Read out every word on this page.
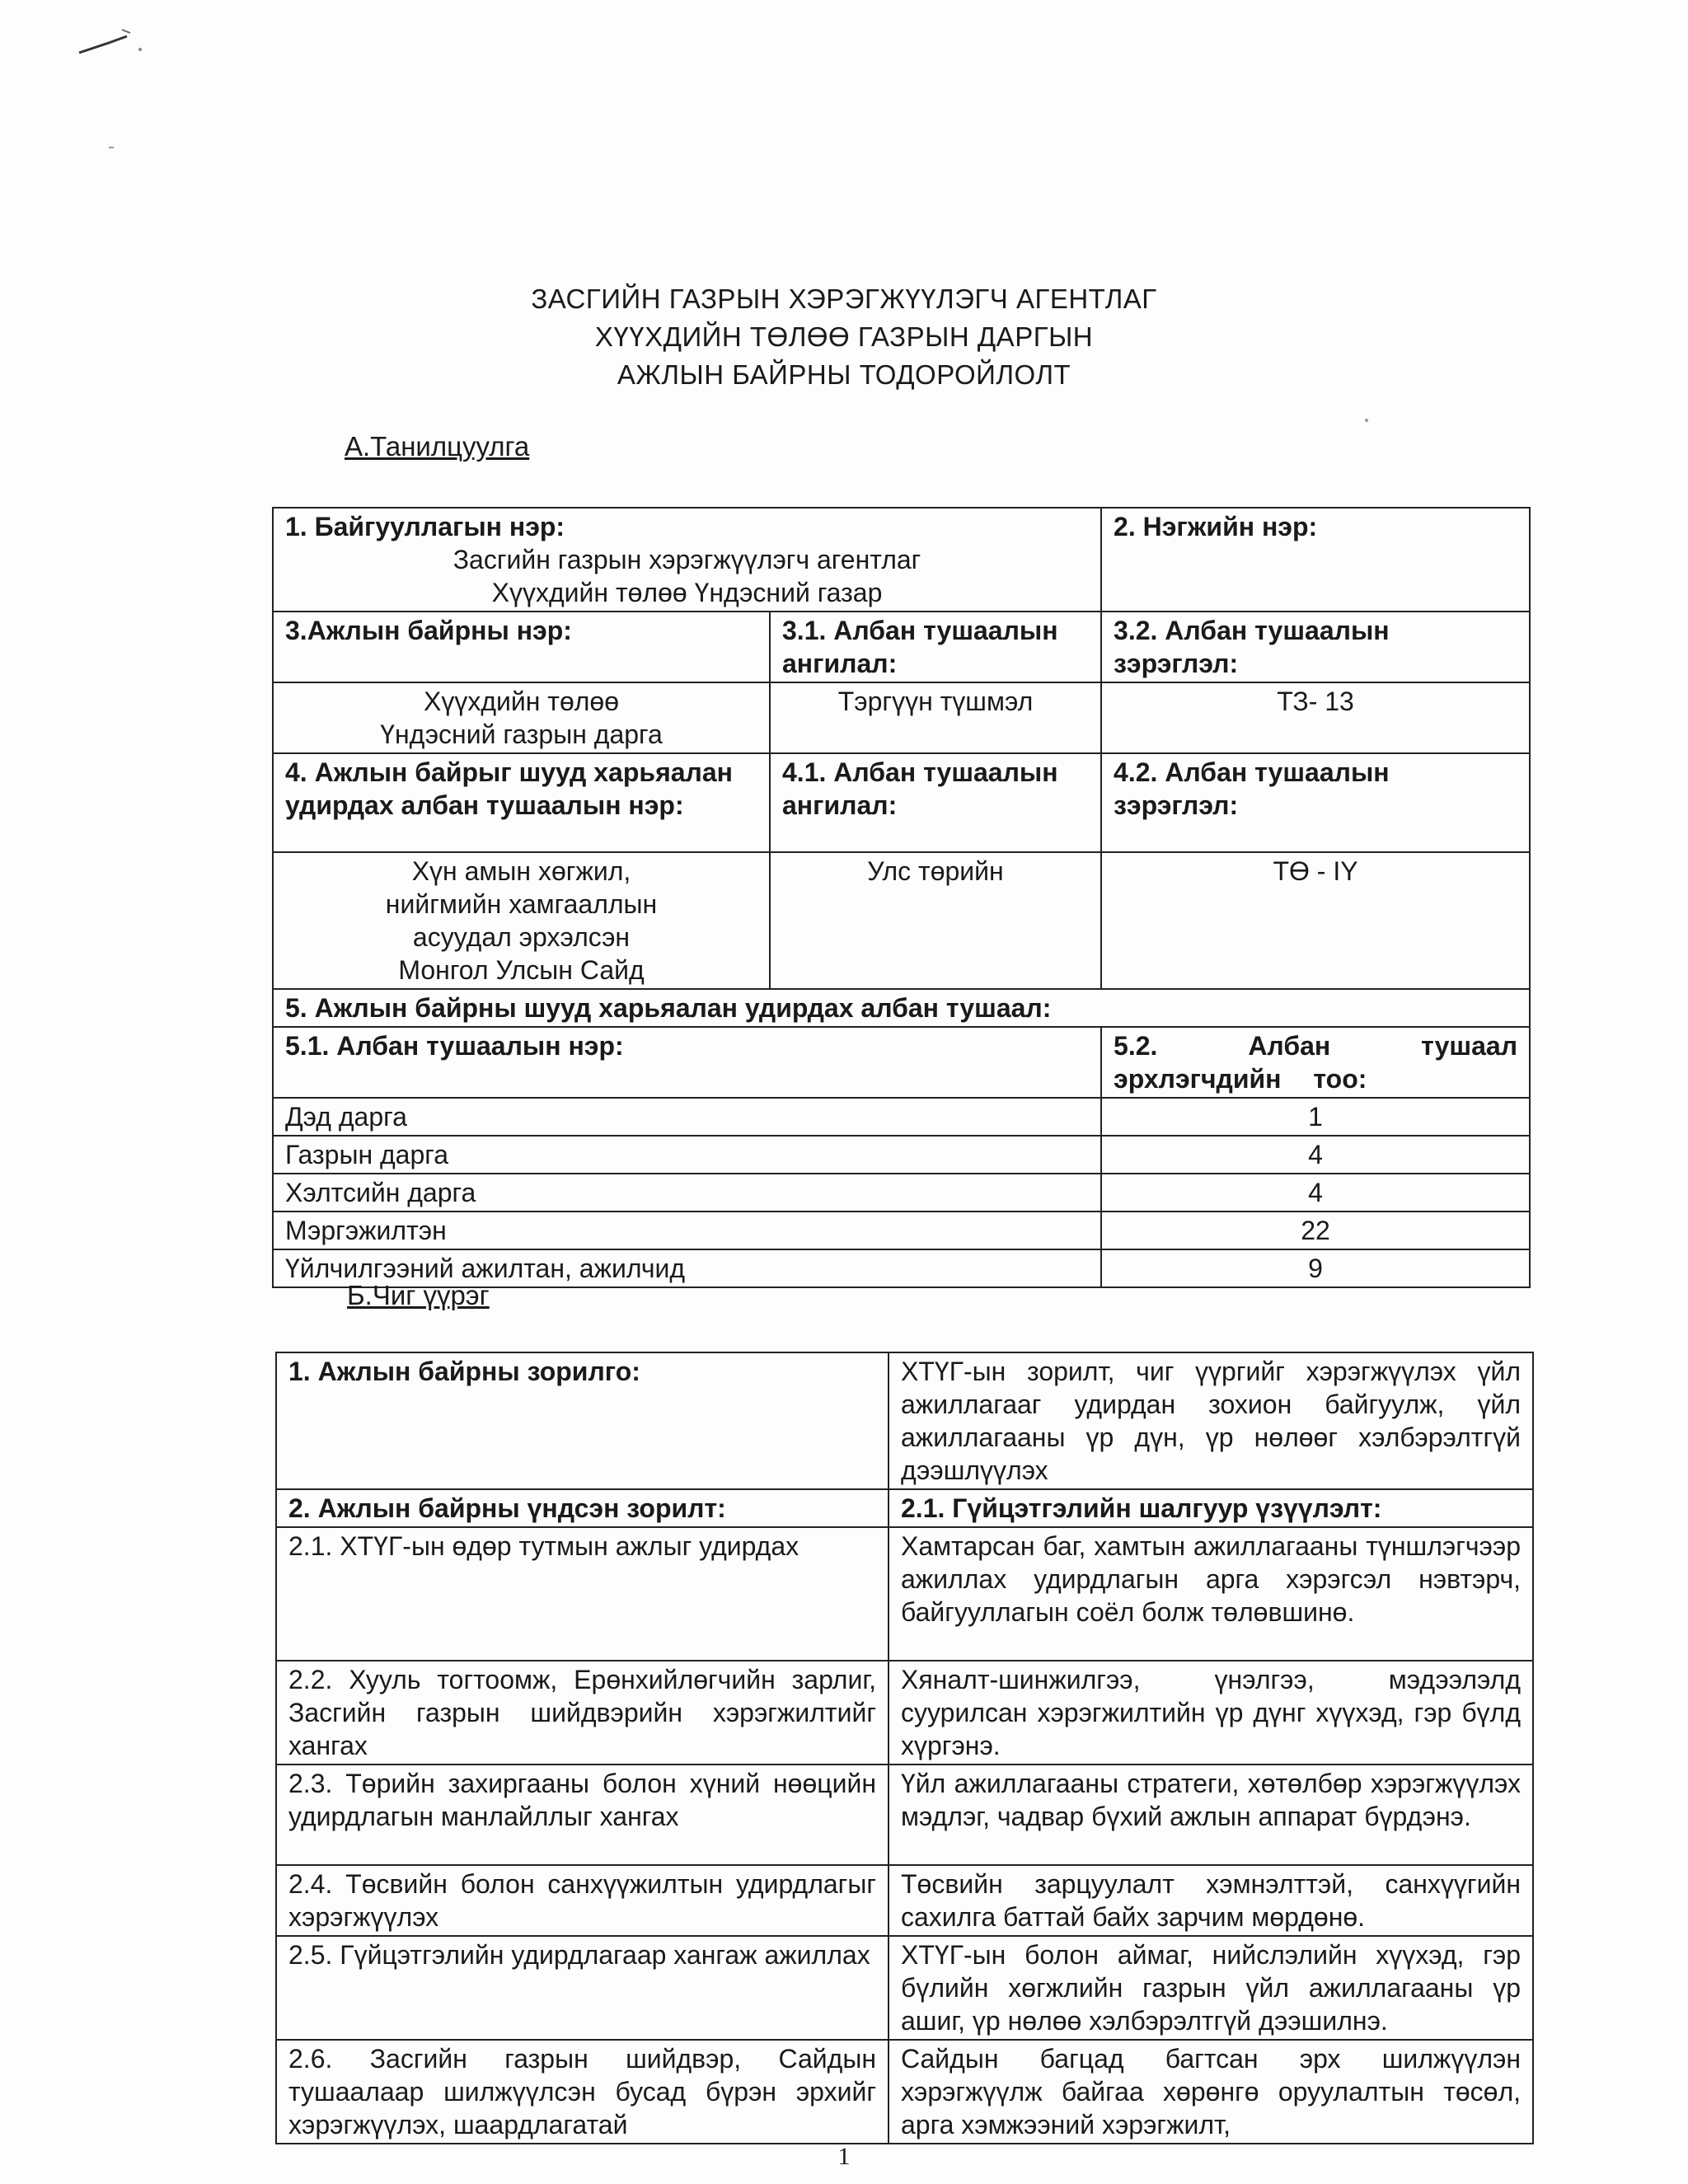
ЗАСГИЙН ГАЗРЫН ХЭРЭГЖҮҮЛЭГЧ АГЕНТЛАГ
ХҮҮХДИЙН ТӨЛӨӨ ГАЗРЫН ДАРГЫН
АЖЛЫН БАЙРНЫ ТОДОРОЙЛОЛТ
А.Танилцуулга
1. Байгууллагын нэр:
Засгийн газрын хэрэгжүүлэгч агентлаг
Хүүхдийн төлөө Үндэсний газар		2. Нэгжийн нэр:
3.Ажлын байрны нэр:	3.1. Албан тушаалын ангилал:	3.2. Албан тушаалын зэрэглэл:

Хүүхдийн төлөө
Үндэсний газрын дарга	Тэргүүн түшмэл	ТЗ- 13
4. Ажлын байрыг шууд харьяалан удирдах албан тушаалын нэр:	4.1. Албан тушаалын ангилал:	4.2. Албан тушаалын зэрэглэл:

Хүн амын хөгжил,
нийгмийн хамгааллын
асуудал эрхэлсэн
Монгол Улсын Сайд	Улс төрийн	ТӨ - IY
5. Ажлын байрны шууд харьяалан удирдах албан тушаал:		
5.1. Албан тушаалын нэр:		5.2. Албан тушаал эрхлэгчдийн тоо:
Дэд дарга		1
Газрын дарга		4
Хэлтсийн дарга		4
Мэргэжилтэн		22
Үйлчилгээний ажилтан, ажилчид		9
Б.Чиг үүрэг
1. Ажлын байрны зорилго:	ХТҮГ-ын зорилт, чиг үүргийг хэрэгжүүлэх үйл ажиллагааг удирдан зохион байгуулж, үйл ажиллагааны үр дүн, үр нөлөөг хэлбэрэлтгүй дээшлүүлэх
2. Ажлын байрны үндсэн зорилт:	2.1. Гүйцэтгэлийн шалгуур үзүүлэлт:
2.1. ХТҮГ-ын өдөр тутмын ажлыг удирдах	Хамтарсан баг, хамтын ажиллагааны түншлэгчээр ажиллах удирдлагын арга хэрэгсэл нэвтэрч, байгууллагын соёл болж төлөвшинө.
2.2. Хууль тогтоомж, Ерөнхийлөгчийн зарлиг, Засгийн газрын шийдвэрийн хэрэгжилтийг хангах	Хяналт-шинжилгээ, үнэлгээ, мэдээлэлд суурилсан хэрэгжилтийн үр дүнг хүүхэд, гэр бүлд хүргэнэ.
2.3. Төрийн захиргааны болон хүний нөөцийн удирдлагын манлайллыг хангах	Үйл ажиллагааны стратеги, хөтөлбөр хэрэгжүүлэх мэдлэг, чадвар бүхий ажлын аппарат бүрдэнэ.
2.4. Төсвийн болон санхүүжилтын удирдлагыг хэрэгжүүлэх	Төсвийн зарцуулалт хэмнэлттэй, санхүүгийн сахилга баттай байх зарчим мөрдөнө.
2.5. Гүйцэтгэлийн удирдлагаар хангаж ажиллах	ХТҮГ-ын болон аймаг, нийслэлийн хүүхэд, гэр бүлийн хөгжлийн газрын үйл ажиллагааны үр ашиг, үр нөлөө хэлбэрэлтгүй дээшилнэ.
2.6. Засгийн газрын шийдвэр, Сайдын тушаалаар шилжүүлсэн бусад бүрэн эрхийг хэрэгжүүлэх, шаардлагатай	Сайдын багцад багтсан эрх шилжүүлэн хэрэгжүүлж байгаа хөрөнгө оруулалтын төсөл, арга хэмжээний хэрэгжилт,
1
